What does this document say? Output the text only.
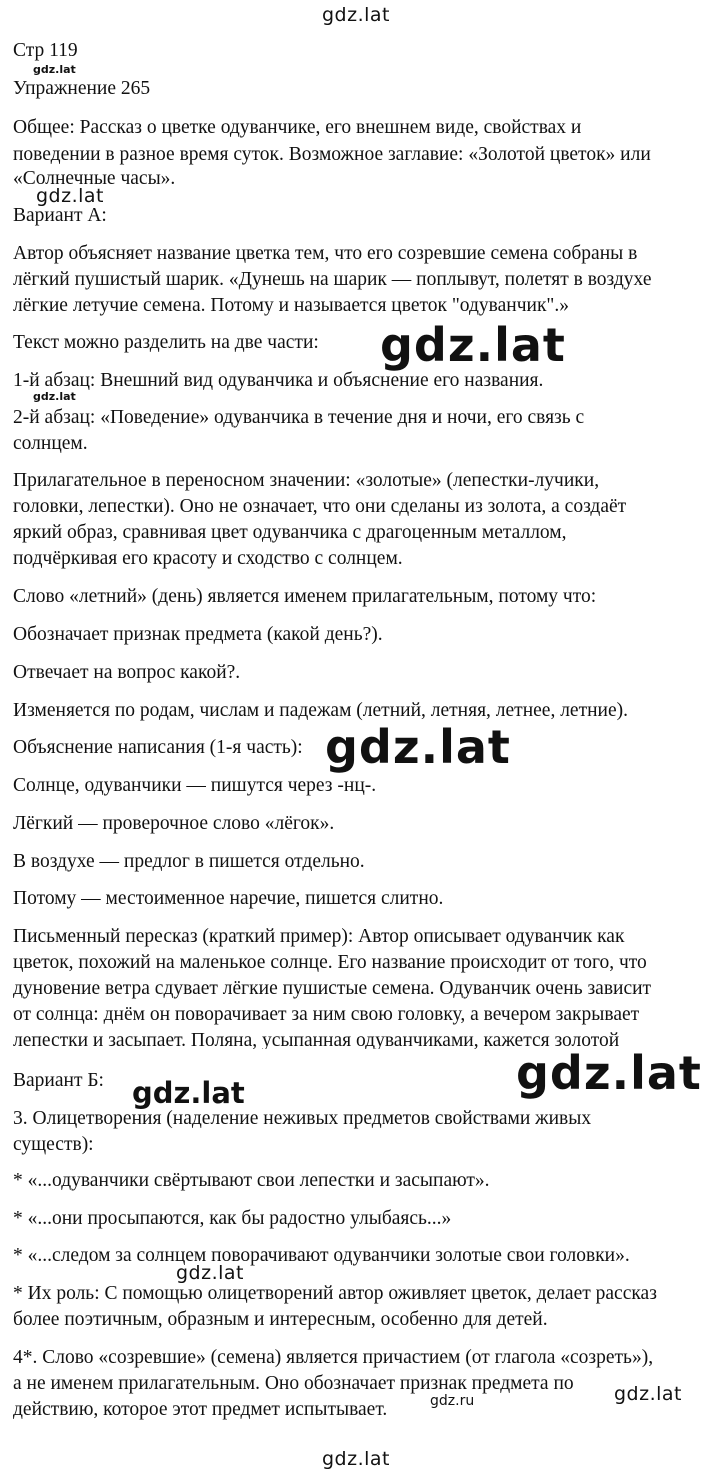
gdz.lat
gdz.lat
gdz.lat
gdz.lat
gdz.lat
gdz.lat
gdz.lat	gdz.lat
gdz.lat
gdz.ru	gdz.lat
gdz.lat
Стр 119
Упражнение 265
Общее: Рассказ о цветке одуванчике, его внешнем виде, свойствах и
поведении в разное время суток. Возможное заглавие: «Золотой цветок» или
«Солнечные часы».
Вариант А:
Автор объясняет название цветка тем, что его созревшие семена собраны в
лёгкий пушистый шарик. «Дунешь на шарик — поплывут, полетят в воздухе
лёгкие летучие семена. Потому и называется цветок "одуванчик".»
Текст можно разделить на две части:
1-й абзац: Внешний вид одуванчика и объяснение его названия.
2-й абзац: «Поведение» одуванчика в течение дня и ночи, его связь с
солнцем.
Прилагательное в переносном значении: «золотые» (лепестки-лучики,
головки, лепестки). Оно не означает, что они сделаны из золота, а создаёт
яркий образ, сравнивая цвет одуванчика с драгоценным металлом,
подчёркивая его красоту и сходство с солнцем.
Слово «летний» (день) является именем прилагательным, потому что:
Обозначает признак предмета (какой день?).
Отвечает на вопрос какой?.
Изменяется по родам, числам и падежам (летний, летняя, летнее, летние).
Объяснение написания (1-я часть):
Солнце, одуванчики — пишутся через -нц-.
Лёгкий — проверочное слово «лёгок».
В воздухе — предлог в пишется отдельно.
Потому — местоименное наречие, пишется слитно.
Письменный пересказ (краткий пример): Автор описывает одуванчик как
цветок, похожий на маленькое солнце. Его название происходит от того, что
дуновение ветра сдувает лёгкие пушистые семена. Одуванчик очень зависит
от солнца: днём он поворачивает за ним свою головку, а вечером закрывает
лепестки и засыпает. Поляна, усыпанная одуванчиками, кажется золотой
Вариант Б:
3. Олицетворения (наделение неживых предметов свойствами живых
существ):
* «...одуванчики свёртывают свои лепестки и засыпают».
* «...они просыпаются, как бы радостно улыбаясь...»
* «...следом за солнцем поворачивают одуванчики золотые свои головки».
* Их роль: С помощью олицетворений автор оживляет цветок, делает рассказ
более поэтичным, образным и интересным, особенно для детей.
4*. Слово «созревшие» (семена) является причастием (от глагола «созреть»),
а не именем прилагательным. Оно обозначает признак предмета по
действию, которое этот предмет испытывает.
